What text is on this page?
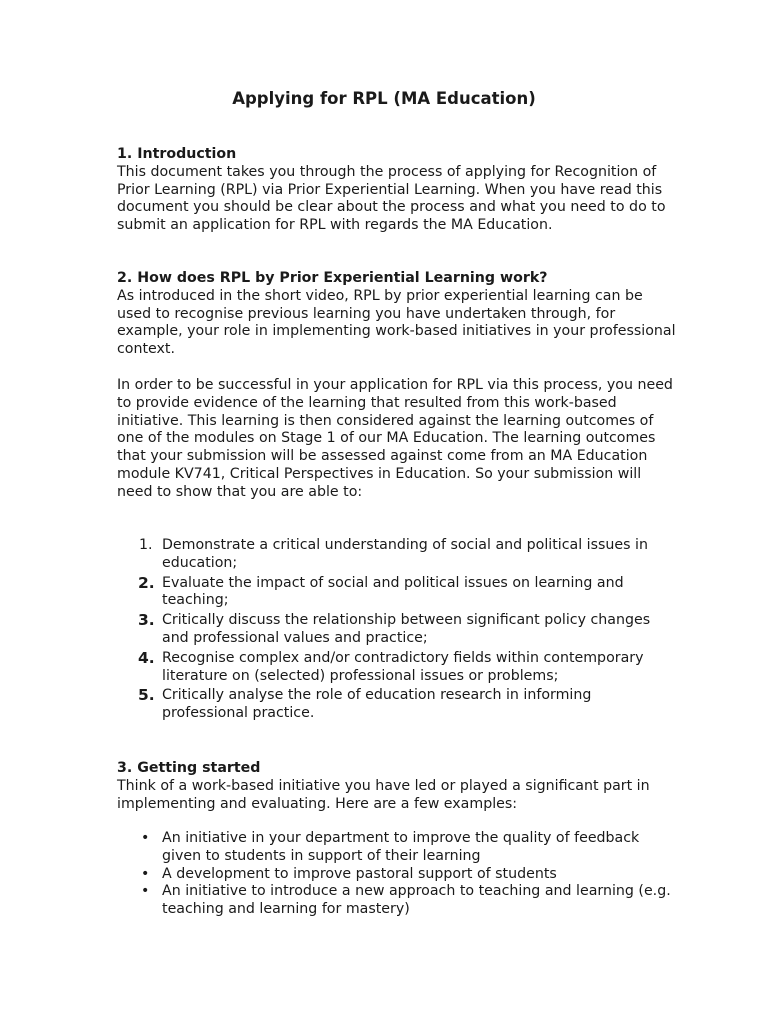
Applying for RPL (MA Education)
1. Introduction
This document takes you through the process of applying for Recognition of Prior Learning (RPL) via Prior Experiential Learning. When you have read this document you should be clear about the process and what you need to do to submit an application for RPL with regards the MA Education.
2. How does RPL by Prior Experiential Learning work?
As introduced in the short video, RPL by prior experiential learning can be used to recognise previous learning you have undertaken through, for example, your role in implementing work-based initiatives in your professional context.
In order to be successful in your application for RPL via this process, you need to provide evidence of the learning that resulted from this work-based initiative. This learning is then considered against the learning outcomes of one of the modules on Stage 1 of our MA Education. The learning outcomes that your submission will be assessed against come from an MA Education module KV741, Critical Perspectives in Education. So your submission will need to show that you are able to:
1. Demonstrate a critical understanding of social and political issues in education;
2. Evaluate the impact of social and political issues on learning and teaching;
3. Critically discuss the relationship between significant policy changes and professional values and practice;
4. Recognise complex and/or contradictory fields within contemporary literature on (selected) professional issues or problems;
5. Critically analyse the role of education research in informing professional practice.
3. Getting started
Think of a work-based initiative you have led or played a significant part in implementing and evaluating. Here are a few examples:
• An initiative in your department to improve the quality of feedback given to students in support of their learning
• A development to improve pastoral support of students
• An initiative to introduce a new approach to teaching and learning (e.g. teaching and learning for mastery)
